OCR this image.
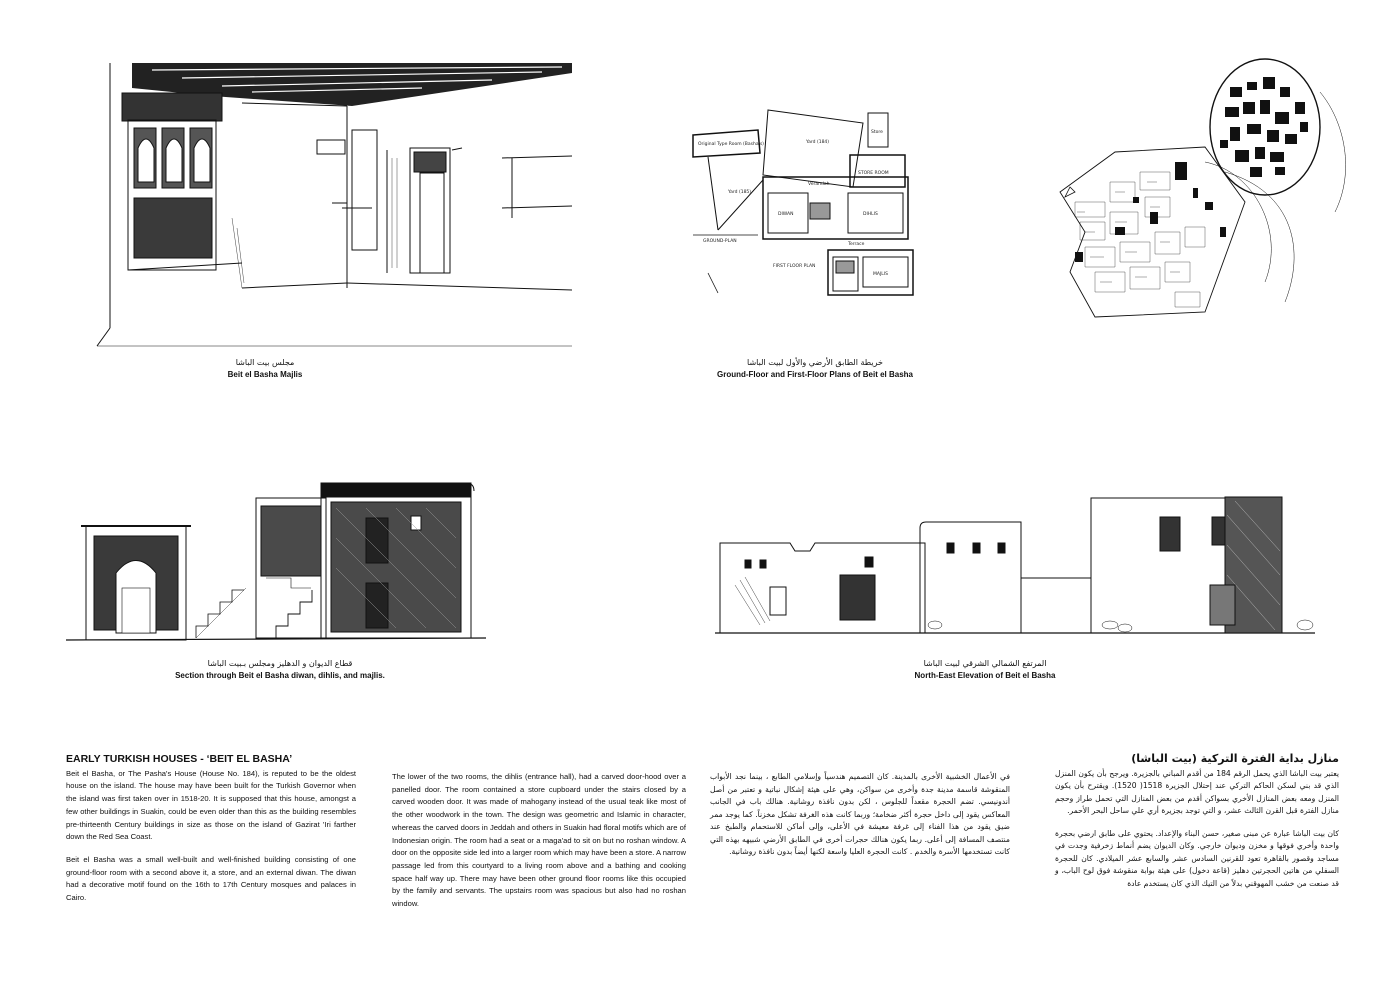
مجلس بيت الباشا
Beit el Basha Majlis
Original Type Room (Basha's)	Yard (184)
Store
Verandah
STORE ROOM
Yard (185)
DIWAN	DIHLIS
GROUND-PLAN
Terrace
FIRST FLOOR PLAN
MAJLIS
خريطة الطابق الأرضي والأول لبيت الباشا
Ground-Floor and First-Floor Plans of Beit el Basha
قطاع الديوان و الدهليز ومجلس بـبيت الباشا
Section through Beit el Basha diwan, dihlis, and majlis.
المرتفع الشمالي الشرقي لبيت الباشا
North-East Elevation of Beit el Basha
EARLY TURKISH HOUSES - ‘BEIT EL BASHA’

Beit el Basha, or The Pasha's House (House No. 184), is reputed to be the oldest house on the island. The house may have been built for the Turkish Governor when the island was first taken over in 1518-20. It is supposed that this house, amongst a few other buildings in Suakin, could be even older than this as the building resembles pre-thirteenth Century buildings in size as those on the island of Gazirat 'Iri farther down the Red Sea Coast.

Beit el Basha was a small well-built and well-finished building consisting of one ground-floor room with a second above it, a store, and an external diwan. The diwan had a decorative motif found on the 16th to 17th Century mosques and palaces in Cairo.

The lower of the two rooms, the dihlis (entrance hall), had a carved door-hood over a panelled door. The room contained a store cupboard under the stairs closed by a carved wooden door. It was made of mahogany instead of the usual teak like most of the other woodwork in the town. The design was geometric and Islamic in character, whereas the carved doors in Jeddah and others in Suakin had floral motifs which are of Indonesian origin. The room had a seat or a maga'ad to sit on but no roshan window. A door on the opposite side led into a larger room which may have been a store. A narrow passage led from this courtyard to a living room above and a bathing and cooking space half way up. There may have been other ground floor rooms like this occupied by the family and servants. The upstairs room was spacious but also had no roshan window.

في الأعمال الخشبية الأخرى بالمدينة. كان التصميم هندسياً وإسلامي الطابع ، بينما نجد الأبواب المنقوشة قاسمة مدينة جدة وأخرى من سواكن، وهي على هيئة إشكال نباتية و تعتبر من أصل أندونيسي. تضم الحجرة مقعداً للجلوس ، لكن بدون نافذة روشانية. هنالك باب في الجانب المعاكس يقود إلى داخل حجرة أكثر ضخامة؛ وربما كانت هذه الغرفة تشكل مخزناً. كما يوجد ممر ضيق يقود من هذا الفناء إلى غرفة معيشة في الأعلى، وإلى أماكن للاستحمام والطبخ عند منتصف المسافة إلى أعلى. ربما يكون هنالك حجرات أخرى في الطابق الأرضي شبيهه بهذه التي كانت تستخدمها الأسرة والخدم . كانت الحجرة العليا واسعة لكنها أيضاً بدون نافذة روشانية.

منازل بداية الفترة التركية (بيت الباشا)

يعتبر بيت الباشا الذي يحمل الرقم 184 من أقدم المباني بالجزيرة. ويرجح بأن يكون المنزل الذي قد بني لسكن الحاكم التركي عند إحتلال الجزيرة 1518( 1520). ويقترح بأن يكون المنزل ومعه بعض المنازل الأخري بسواكن أقدم من بعض المنازل التي تحمل طراز وحجم منازل الفترة قبل القرن الثالث عشر، و التي توجد بجزيرة أري علي ساحل البحر الأحمر.

كان بيت الباشا عبارة عن مبنى صغير، حسن البناء والإعداد. يحتوي على طابق ارضي بحجرة واحدة وأخري فوقها و مخزن وديوان خارجي. وكان الديوان يضم أنماط زخرفية وجدت في مساجد وقصور بالقاهرة تعود للقرنين السادس عشر والسابع عشر الميلادي. كان للحجرة السفلي من هاتين الحجرتين دهليز (قاعة دخول) على هيئة بوابة منقوشة فوق لوح الباب، و قد صنعت من خشب المهوقني بدلاً من التيك الذي كان يستخدم عادة
